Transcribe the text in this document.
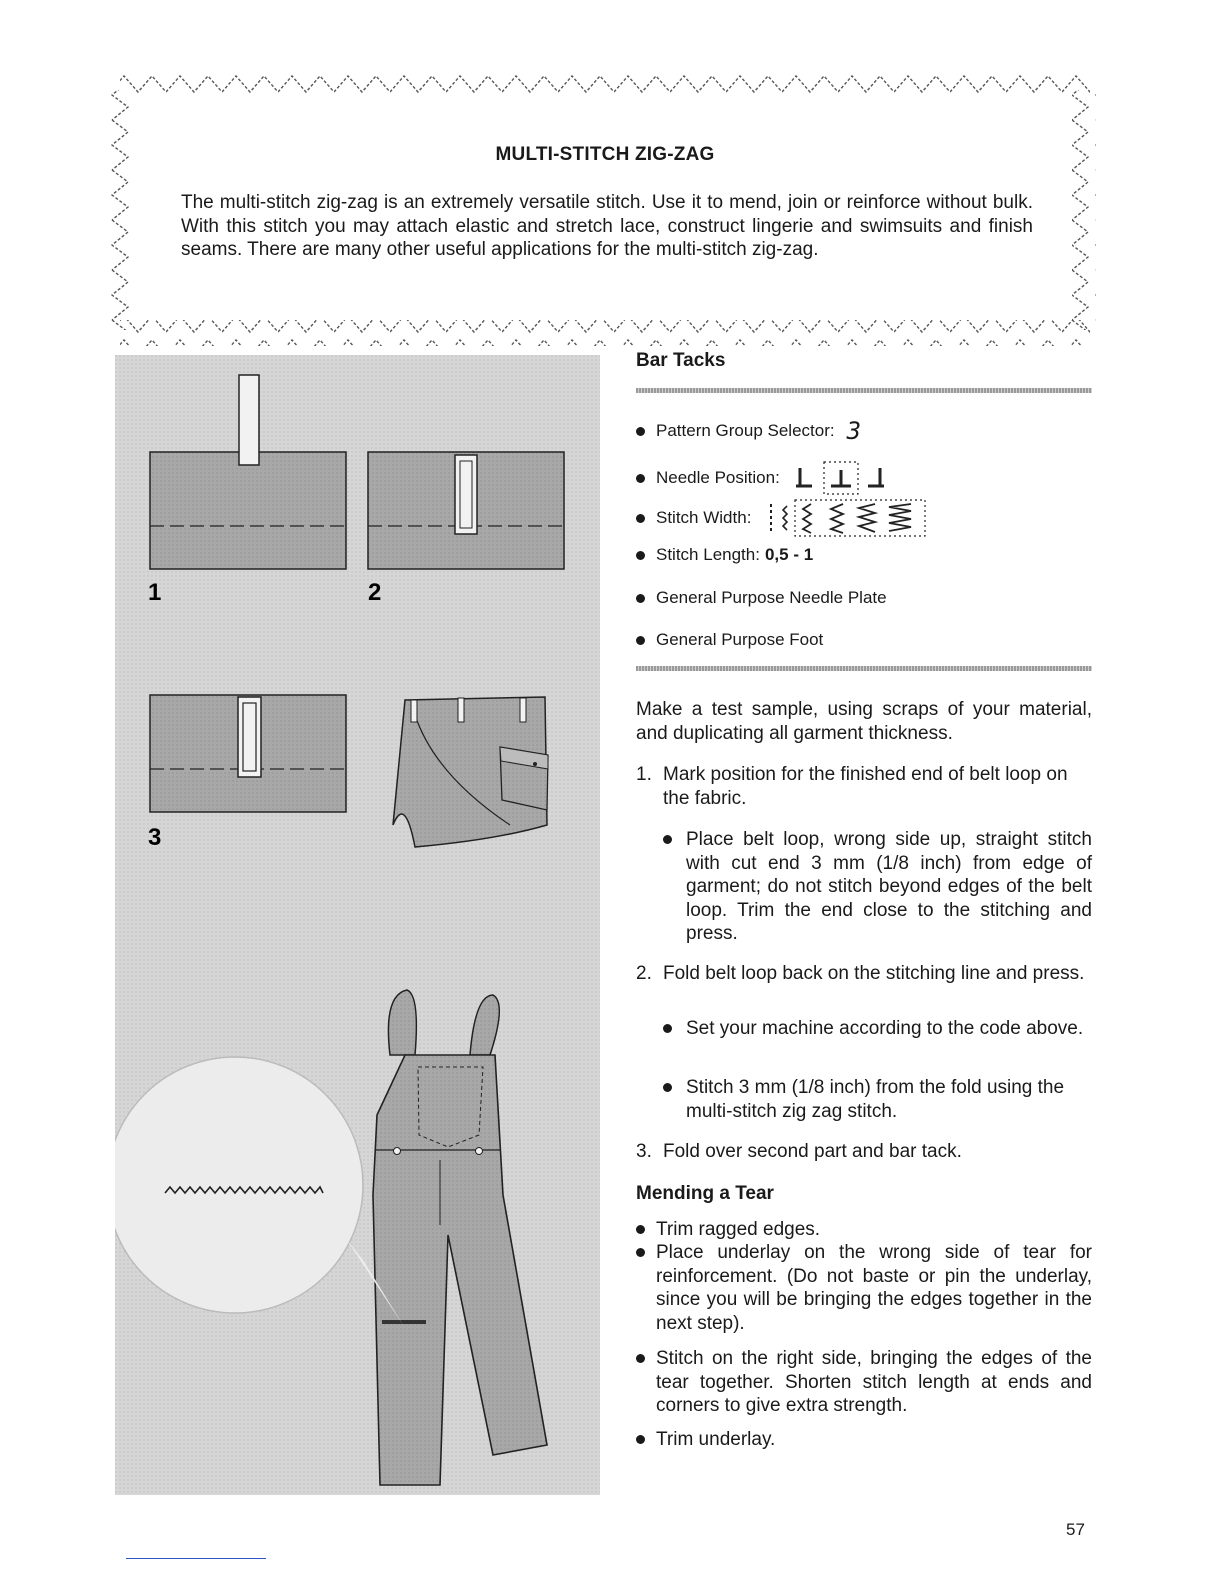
MULTI-STITCH ZIG-ZAG
The multi-stitch zig-zag is an extremely versatile stitch. Use it to mend, join or reinforce without bulk. With this stitch you may attach elastic and stretch lace, construct lingerie and swimsuits and finish seams. There are many other useful applications for the multi-stitch zig-zag.
1	2
3
Bar Tacks
Pattern Group Selector: 3
Needle Position:
Stitch Width:
Stitch Length: 0,5 - 1
General Purpose Needle Plate
General Purpose Foot
Make a test sample, using scraps of your material, and duplicating all garment thickness.
1. Mark position for the finished end of belt loop on the fabric.
Place belt loop, wrong side up, straight stitch with cut end 3 mm (1/8 inch) from edge of garment; do not stitch beyond edges of the belt loop. Trim the end close to the stitching and press.
2. Fold belt loop back on the stitching line and press.
Set your machine according to the code above.
Stitch 3 mm (1/8 inch) from the fold using the multi-stitch zig zag stitch.
3. Fold over second part and bar tack.
Mending a Tear
Trim ragged edges.
Place underlay on the wrong side of tear for reinforcement. (Do not baste or pin the underlay, since you will be bringing the edges together in the next step).
Stitch on the right side, bringing the edges of the tear together. Shorten stitch length at ends and corners to give extra strength.
Trim underlay.
57
